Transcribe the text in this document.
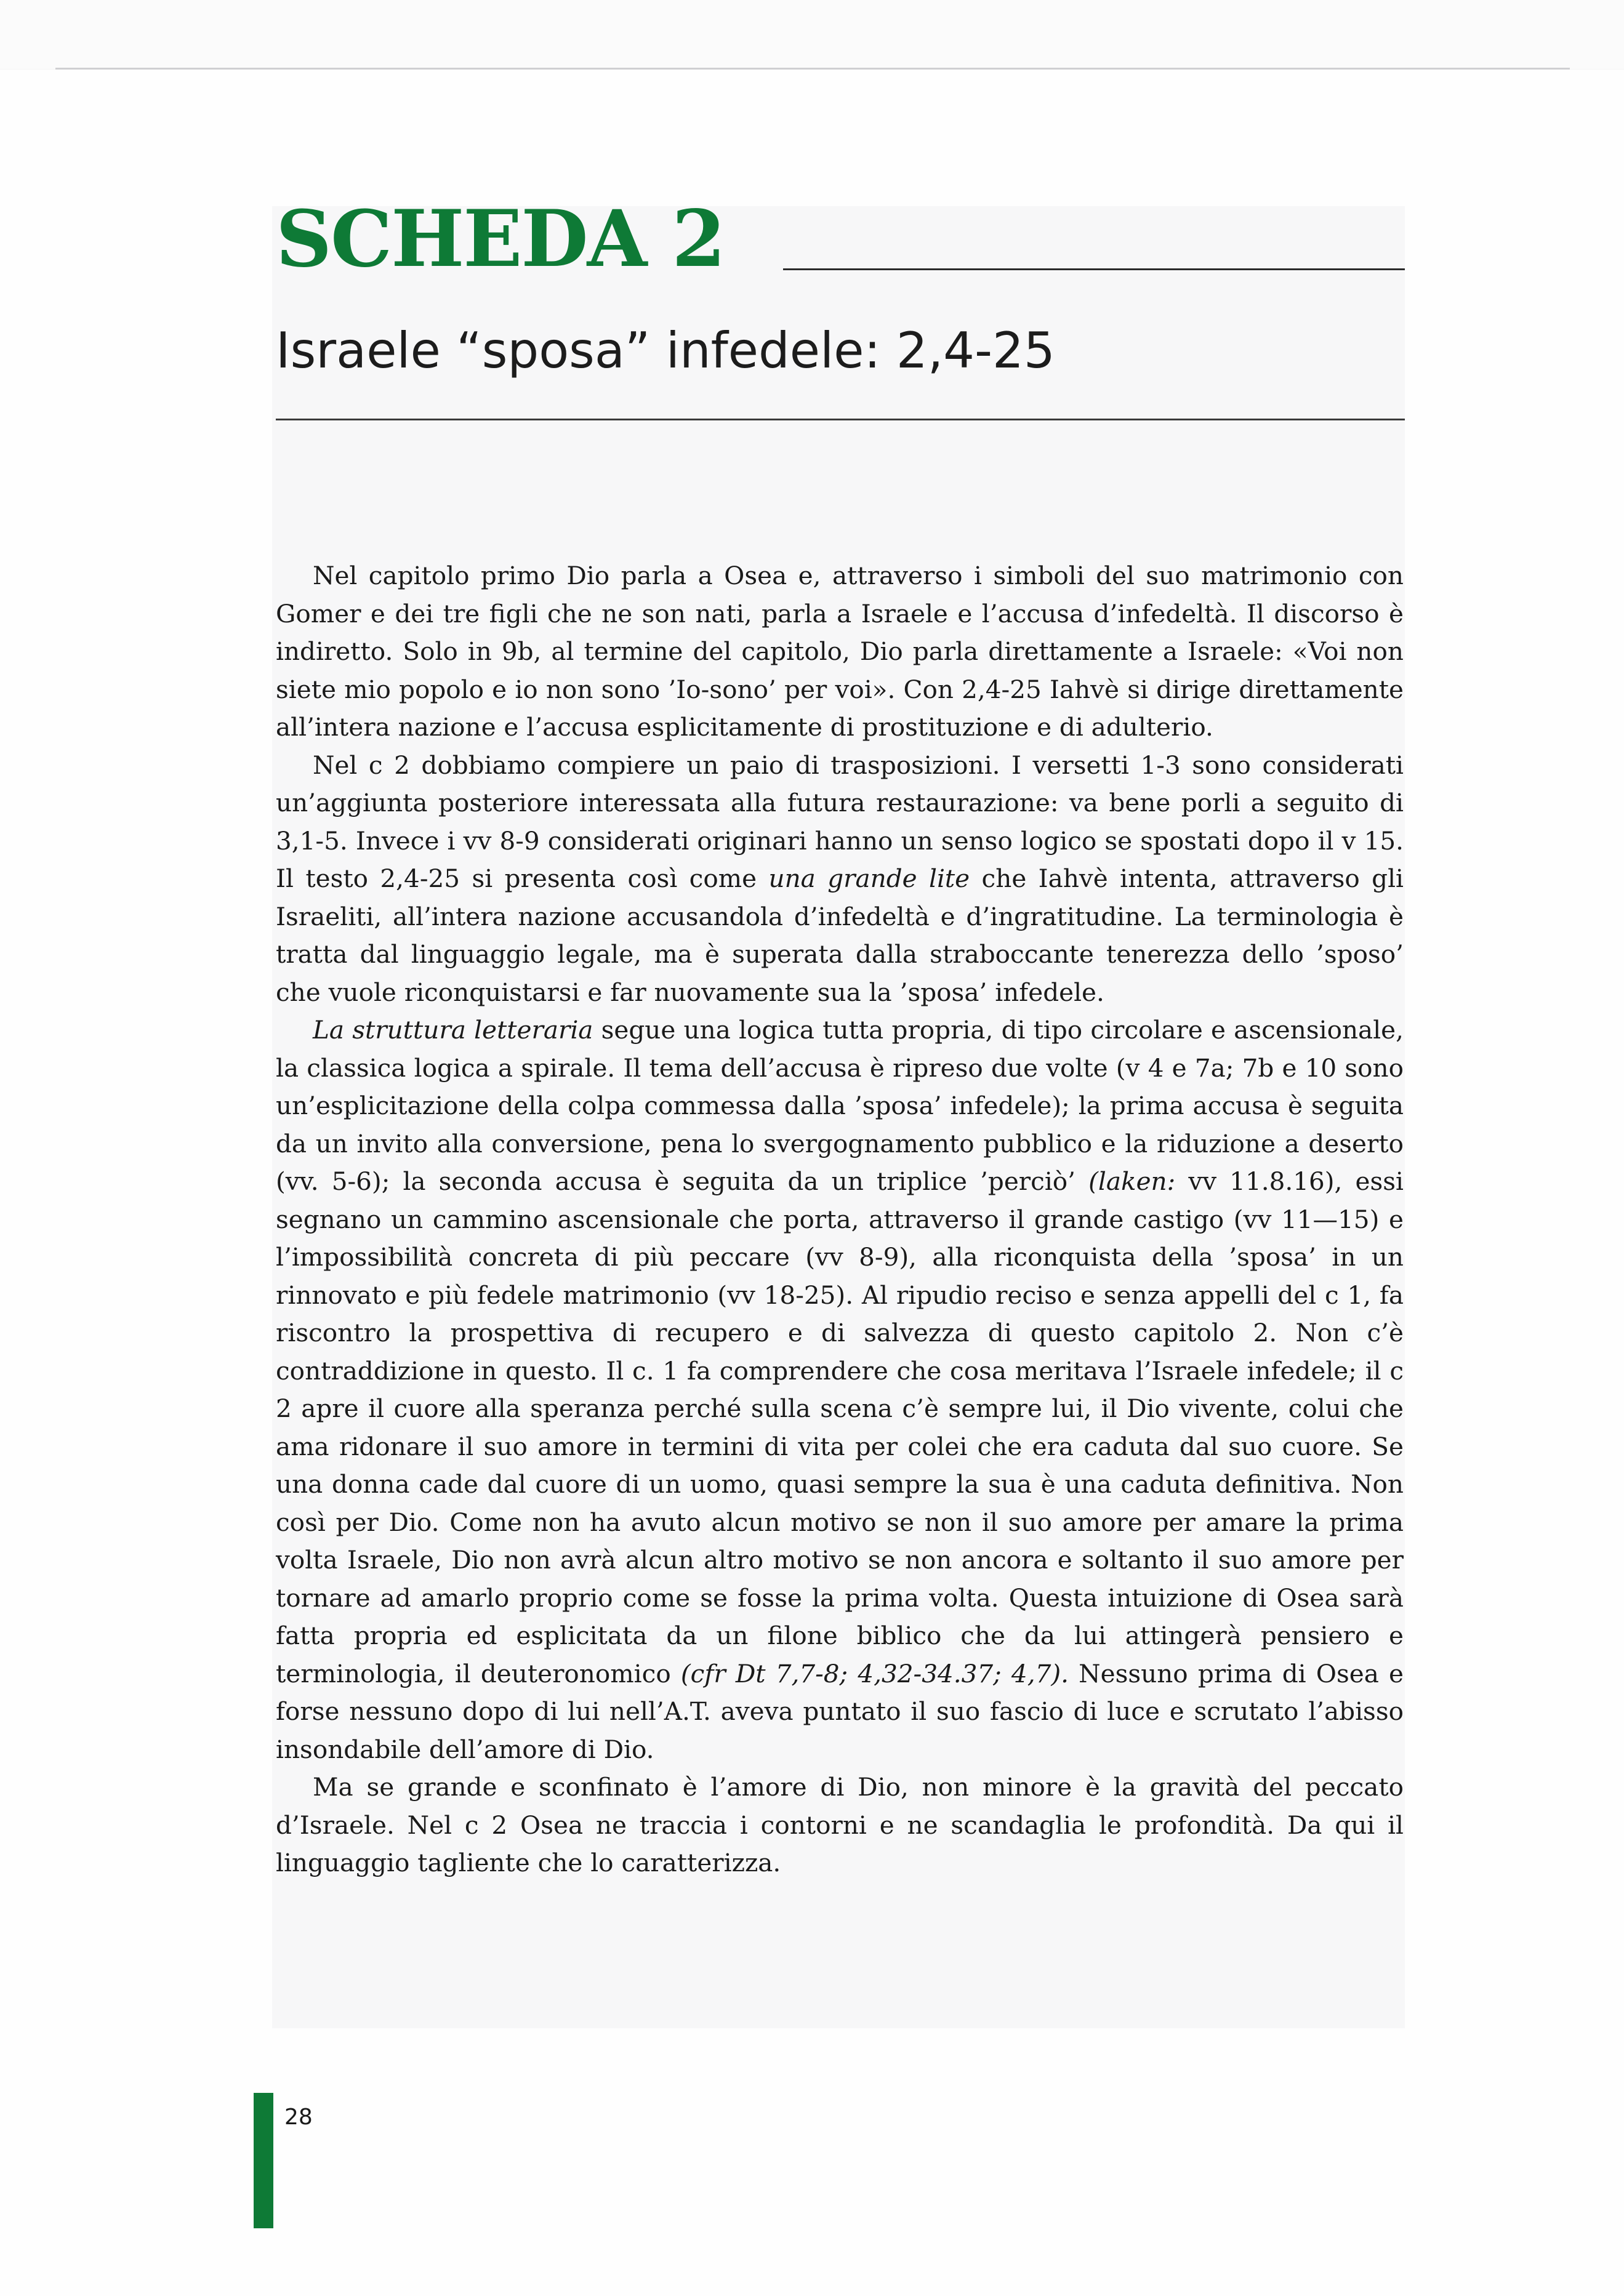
SCHEDA 2
Israele “sposa” infedele: 2,4-25

Nel capitolo primo Dio parla a Osea e, attraverso i simboli del suo matrimonio con Gomer e dei tre figli che ne son nati, parla a Israele e l’accusa d’infedeltà. Il discorso è indiretto. Solo in 9b, al termine del capitolo, Dio parla direttamente a Israele: «Voi non siete mio popolo e io non sono ’Io-sono’ per voi». Con 2,4-25 Iahvè si dirige direttamente all’intera nazione e l’accusa esplicitamente di prostituzione e di adulterio.

Nel c 2 dobbiamo compiere un paio di trasposizioni. I versetti 1-3 sono considerati un’aggiunta posteriore interessata alla futura restaurazione: va bene porli a seguito di 3,1-5. Invece i vv 8-9 considerati originari hanno un senso logico se spostati dopo il v 15. Il testo 2,4-25 si presenta così come una grande lite che Iahvè intenta, attraverso gli Israeliti, all’intera nazione accusandola d’infedeltà e d’ingratitudine. La terminologia è tratta dal linguaggio legale, ma è superata dalla straboccante tenerezza dello ’sposo’ che vuole riconquistarsi e far nuovamente sua la ’sposa’ infedele.

La struttura letteraria segue una logica tutta propria, di tipo circolare e ascensionale, la classica logica a spirale. Il tema dell’accusa è ripreso due volte (v 4 e 7a; 7b e 10 sono un’esplicitazione della colpa commessa dalla ’sposa’ infedele); la prima accusa è seguita da un invito alla conversione, pena lo svergognamento pubblico e la riduzione a deserto (vv. 5-6); la seconda accusa è seguita da un triplice ’perciò’ (laken: vv 11.8.16), essi segnano un cammino ascensionale che porta, attraverso il grande castigo (vv 11—15) e l’impossibilità concreta di più peccare (vv 8-9), alla riconquista della ’sposa’ in un rinnovato e più fedele matrimonio (vv 18-25). Al ripudio reciso e senza appelli del c 1, fa riscontro la prospettiva di recupero e di salvezza di questo capitolo 2. Non c’è contraddizione in questo. Il c. 1 fa comprendere che cosa meritava l’Israele infedele; il c 2 apre il cuore alla speranza perché sulla scena c’è sempre lui, il Dio vivente, colui che ama ridonare il suo amore in termini di vita per colei che era caduta dal suo cuore. Se una donna cade dal cuore di un uomo, quasi sempre la sua è una caduta definitiva. Non così per Dio. Come non ha avuto alcun motivo se non il suo amore per amare la prima volta Israele, Dio non avrà alcun altro motivo se non ancora e soltanto il suo amore per tornare ad amarlo proprio come se fosse la prima volta. Questa intuizione di Osea sarà fatta propria ed esplicitata da un filone biblico che da lui attingerà pensiero e terminologia, il deuteronomico (cfr Dt 7,7-8; 4,32-34.37; 4,7). Nessuno prima di Osea e forse nessuno dopo di lui nell’A.T. aveva puntato il suo fascio di luce e scrutato l’abisso insondabile dell’amore di Dio.

Ma se grande e sconfinato è l’amore di Dio, non minore è la gravità del peccato d’Israele. Nel c 2 Osea ne traccia i contorni e ne scandaglia le profondità. Da qui il linguaggio tagliente che lo caratterizza.

28
